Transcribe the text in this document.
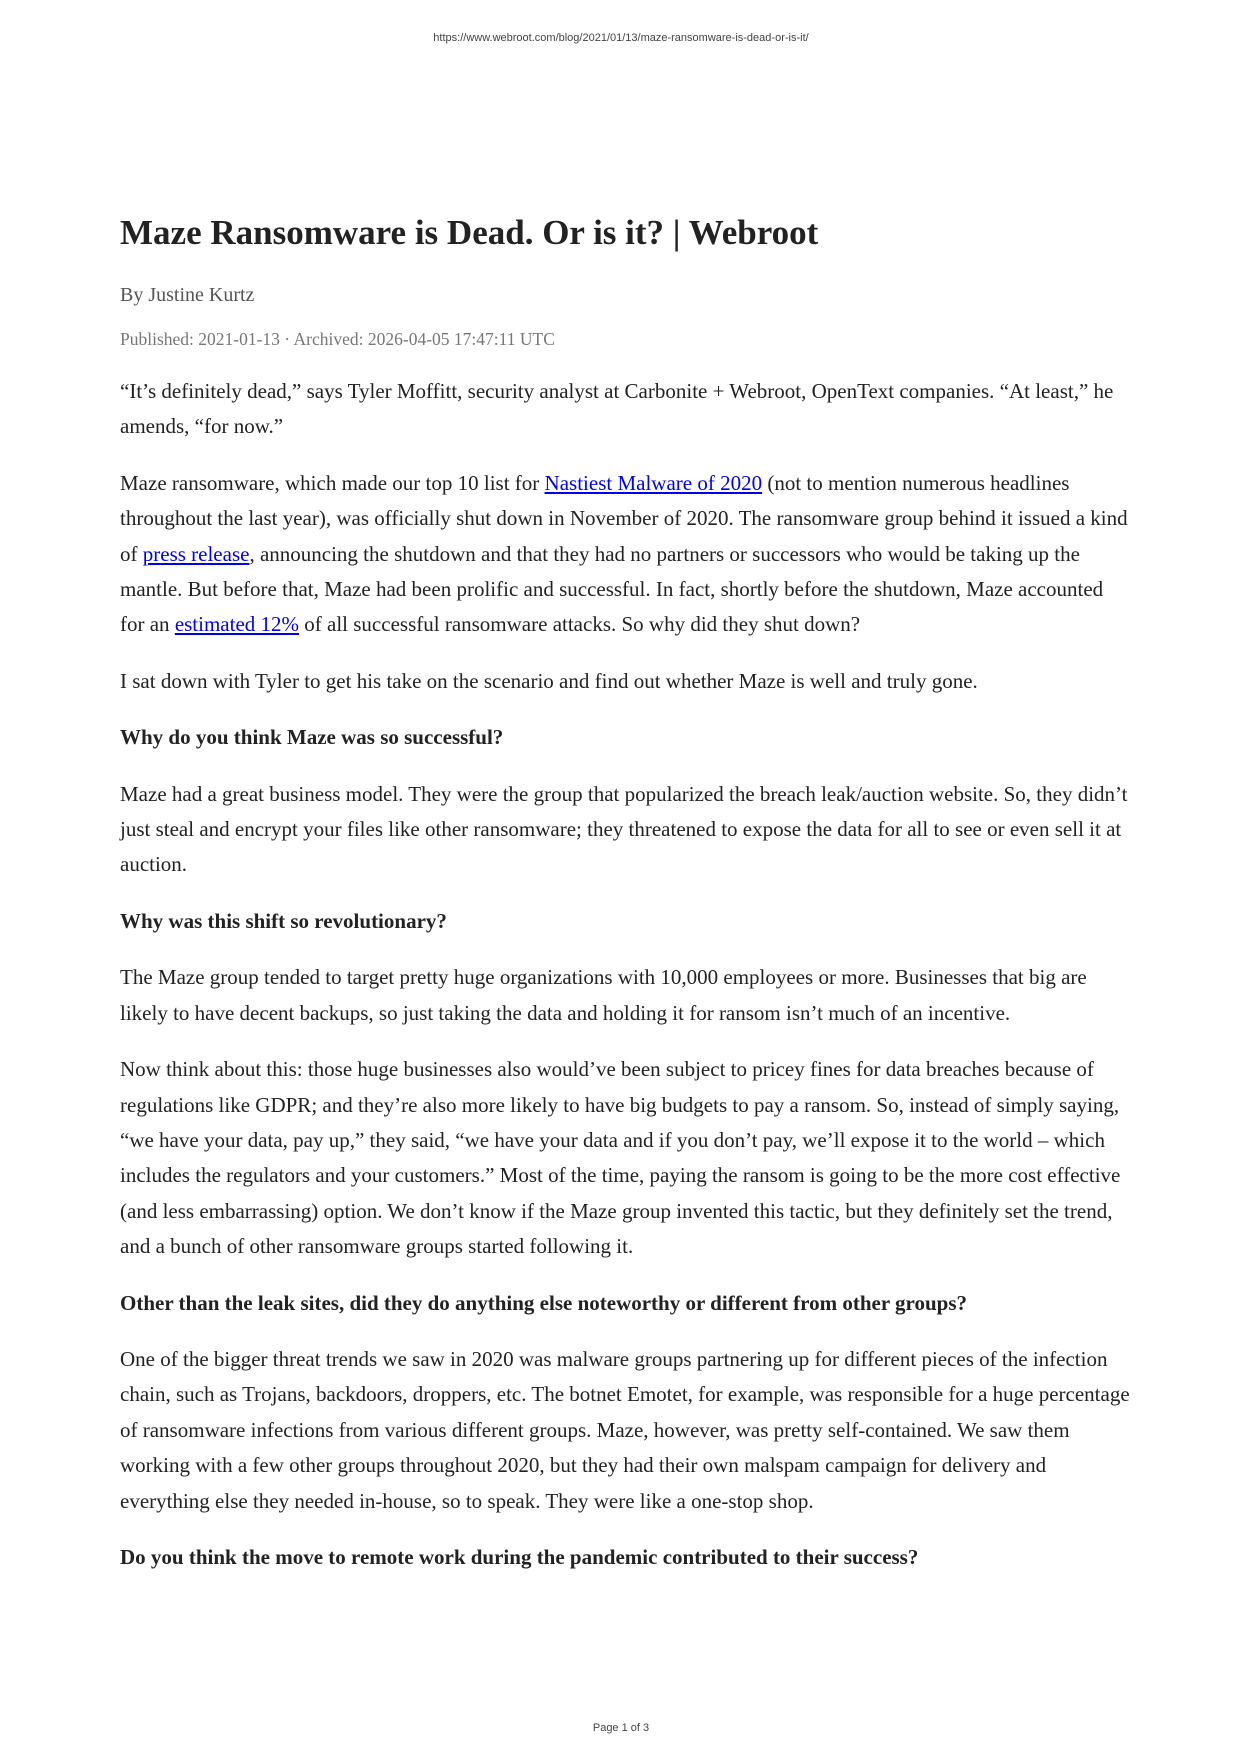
https://www.webroot.com/blog/2021/01/13/maze-ransomware-is-dead-or-is-it/
Maze Ransomware is Dead. Or is it? | Webroot
By Justine Kurtz
Published: 2021-01-13 · Archived: 2026-04-05 17:47:11 UTC

“It’s definitely dead,” says Tyler Moffitt, security analyst at Carbonite + Webroot, OpenText companies. “At least,” he amends, “for now.”

Maze ransomware, which made our top 10 list for Nastiest Malware of 2020 (not to mention numerous headlines throughout the last year), was officially shut down in November of 2020. The ransomware group behind it issued a kind of press release, announcing the shutdown and that they had no partners or successors who would be taking up the mantle. But before that, Maze had been prolific and successful. In fact, shortly before the shutdown, Maze accounted for an estimated 12% of all successful ransomware attacks. So why did they shut down?

I sat down with Tyler to get his take on the scenario and find out whether Maze is well and truly gone.

Why do you think Maze was so successful?

Maze had a great business model. They were the group that popularized the breach leak/auction website. So, they didn’t just steal and encrypt your files like other ransomware; they threatened to expose the data for all to see or even sell it at auction.

Why was this shift so revolutionary?

The Maze group tended to target pretty huge organizations with 10,000 employees or more. Businesses that big are likely to have decent backups, so just taking the data and holding it for ransom isn’t much of an incentive.

Now think about this: those huge businesses also would’ve been subject to pricey fines for data breaches because of regulations like GDPR; and they’re also more likely to have big budgets to pay a ransom. So, instead of simply saying, “we have your data, pay up,” they said, “we have your data and if you don’t pay, we’ll expose it to the world – which includes the regulators and your customers.” Most of the time, paying the ransom is going to be the more cost effective (and less embarrassing) option. We don’t know if the Maze group invented this tactic, but they definitely set the trend, and a bunch of other ransomware groups started following it.

Other than the leak sites, did they do anything else noteworthy or different from other groups?

One of the bigger threat trends we saw in 2020 was malware groups partnering up for different pieces of the infection chain, such as Trojans, backdoors, droppers, etc. The botnet Emotet, for example, was responsible for a huge percentage of ransomware infections from various different groups. Maze, however, was pretty self-contained. We saw them working with a few other groups throughout 2020, but they had their own malspam campaign for delivery and everything else they needed in-house, so to speak. They were like a one-stop shop.

Do you think the move to remote work during the pandemic contributed to their success?

Page 1 of 3
